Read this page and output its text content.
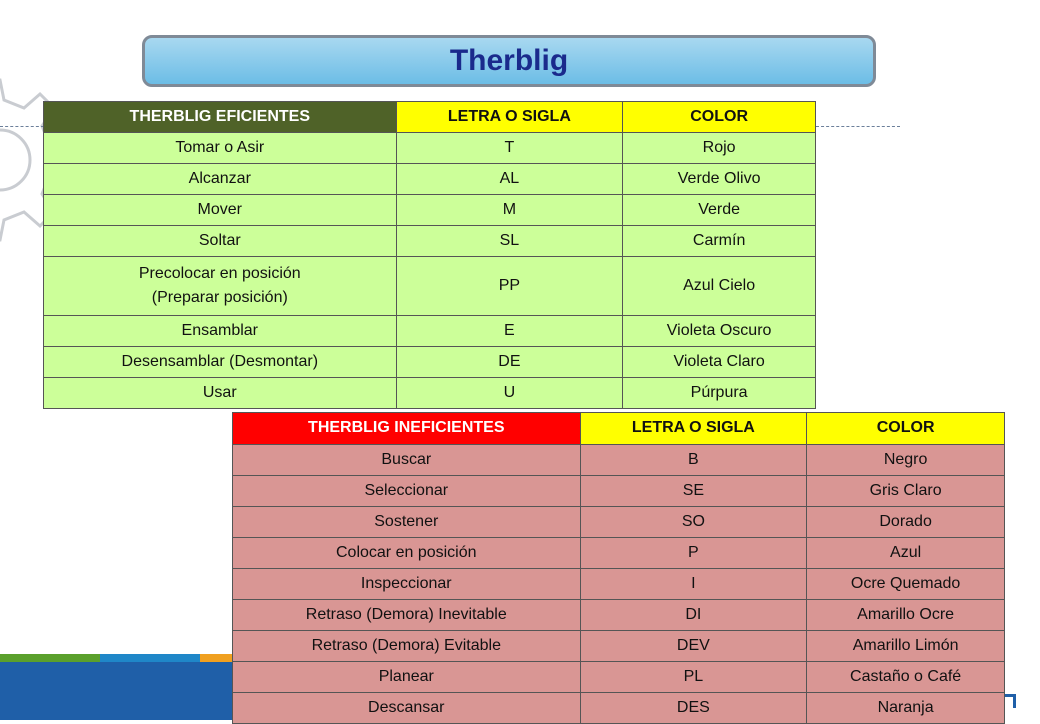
Therblig
THERBLIG EFICIENTES	LETRA O SIGLA	COLOR
Tomar o Asir	T	Rojo
Alcanzar	AL	Verde Olivo
Mover	M	Verde
Soltar	SL	Carmín

Precolocar en posición
(Preparar posición)	PP	Azul Cielo
Ensamblar	E	Violeta Oscuro
Desensamblar (Desmontar)	DE	Violeta Claro
Usar	U	Púrpura
THERBLIG INEFICIENTES	LETRA O SIGLA	COLOR
Buscar	B	Negro
Seleccionar	SE	Gris Claro
Sostener	SO	Dorado
Colocar en posición	P	Azul
Inspeccionar	I	Ocre Quemado
Retraso (Demora) Inevitable	DI	Amarillo Ocre
Retraso (Demora) Evitable	DEV	Amarillo Limón
Planear	PL	Castaño o Café
Descansar	DES	Naranja
